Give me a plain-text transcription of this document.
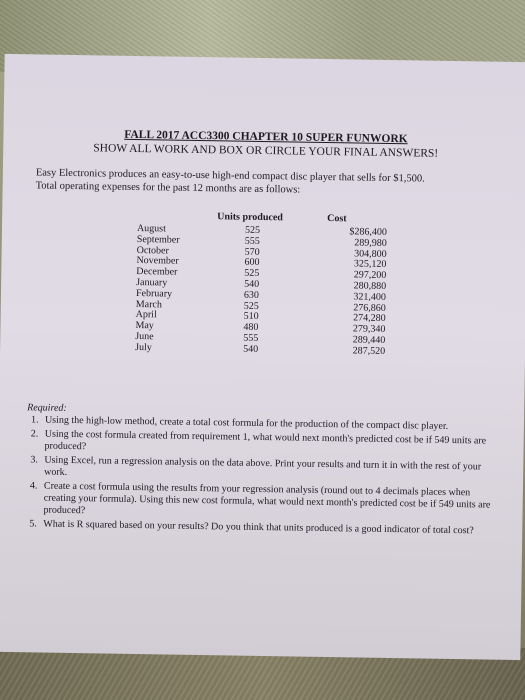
FALL 2017 ACC3300 CHAPTER 10 SUPER FUNWORK
SHOW ALL WORK AND BOX OR CIRCLE YOUR FINAL ANSWERS!
Easy Electronics produces an easy-to-use high-end compact disc player that sells for $1,500.
Total operating expenses for the past 12 months are as follows:
Units produced	Cost
August	525	$286,400
September	555	289,980
October	570	304,800
November	600	325,120
December	525	297,200
January	540	280,880
February	630	321,400
March	525	276,860
April	510	274,280
May	480	279,340
June	555	289,440
July	540	287,520
Required:
1. Using the high-low method, create a total cost formula for the production of the compact disc player.
2. Using the cost formula created from requirement 1, what would next month's predicted cost be if 549 units are produced?
3. Using Excel, run a regression analysis on the data above. Print your results and turn it in with the rest of your work.
4. Create a cost formula using the results from your regression analysis (round out to 4 decimals places when creating your formula). Using this new cost formula, what would next month's predicted cost be if 549 units are produced?
5. What is R squared based on your results? Do you think that units produced is a good indicator of total cost?
